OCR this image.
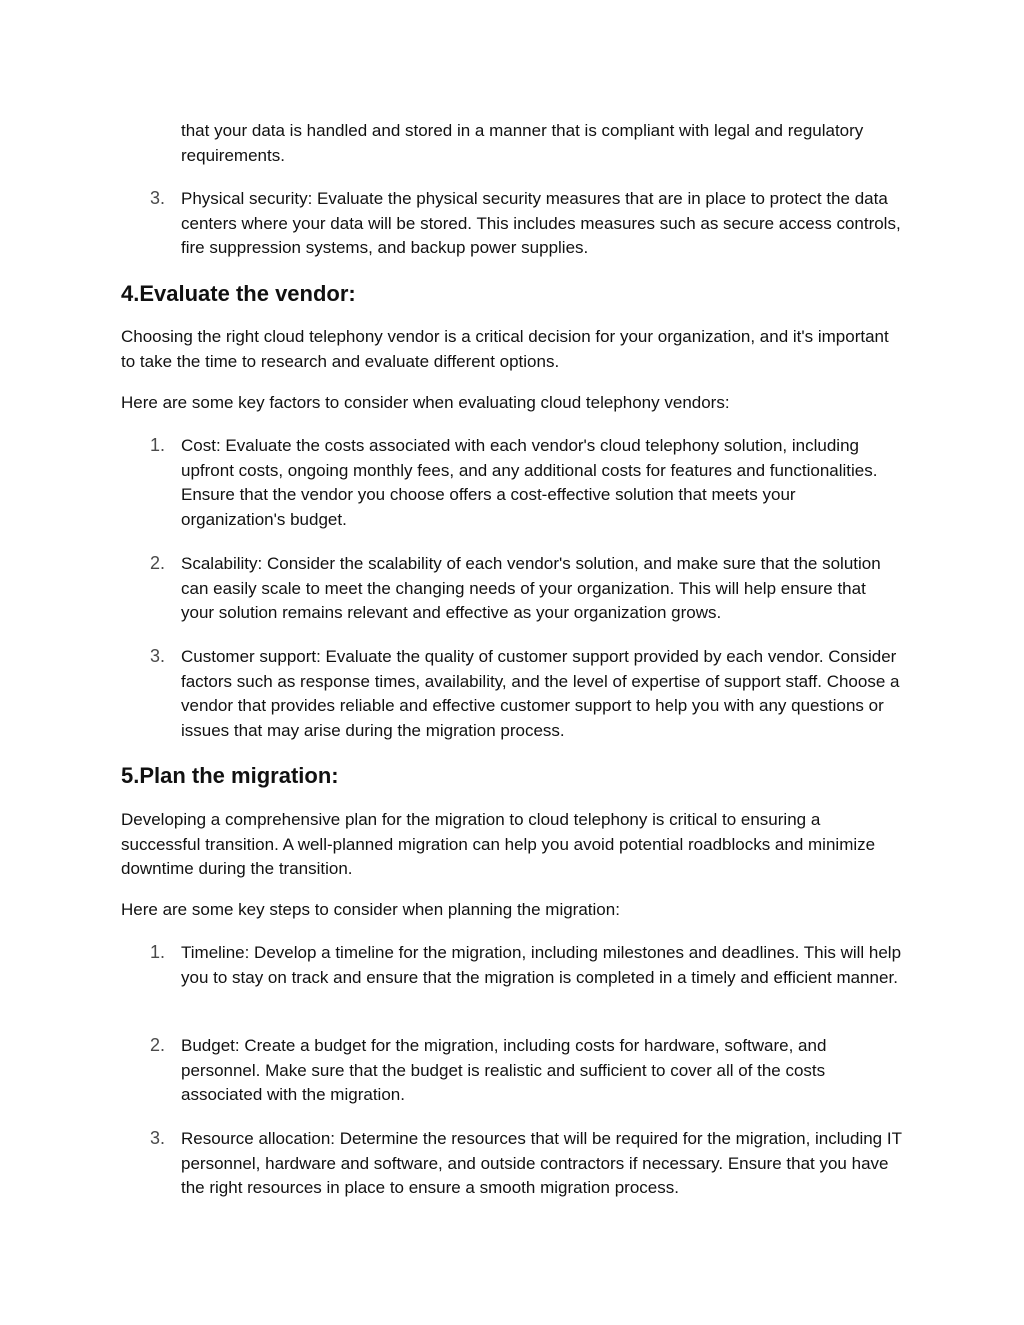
that your data is handled and stored in a manner that is compliant with legal and regulatory requirements.

3. Physical security: Evaluate the physical security measures that are in place to protect the data centers where your data will be stored. This includes measures such as secure access controls, fire suppression systems, and backup power supplies.

4.Evaluate the vendor:

Choosing the right cloud telephony vendor is a critical decision for your organization, and it's important to take the time to research and evaluate different options.

Here are some key factors to consider when evaluating cloud telephony vendors:

1. Cost: Evaluate the costs associated with each vendor's cloud telephony solution, including upfront costs, ongoing monthly fees, and any additional costs for features and functionalities. Ensure that the vendor you choose offers a cost-effective solution that meets your organization's budget.

2. Scalability: Consider the scalability of each vendor's solution, and make sure that the solution can easily scale to meet the changing needs of your organization. This will help ensure that your solution remains relevant and effective as your organization grows.

3. Customer support: Evaluate the quality of customer support provided by each vendor. Consider factors such as response times, availability, and the level of expertise of support staff. Choose a vendor that provides reliable and effective customer support to help you with any questions or issues that may arise during the migration process.

5.Plan the migration:

Developing a comprehensive plan for the migration to cloud telephony is critical to ensuring a successful transition. A well-planned migration can help you avoid potential roadblocks and minimize downtime during the transition.

Here are some key steps to consider when planning the migration:

1. Timeline: Develop a timeline for the migration, including milestones and deadlines. This will help you to stay on track and ensure that the migration is completed in a timely and efficient manner.

2. Budget: Create a budget for the migration, including costs for hardware, software, and personnel. Make sure that the budget is realistic and sufficient to cover all of the costs associated with the migration.

3. Resource allocation: Determine the resources that will be required for the migration, including IT personnel, hardware and software, and outside contractors if necessary. Ensure that you have the right resources in place to ensure a smooth migration process.
